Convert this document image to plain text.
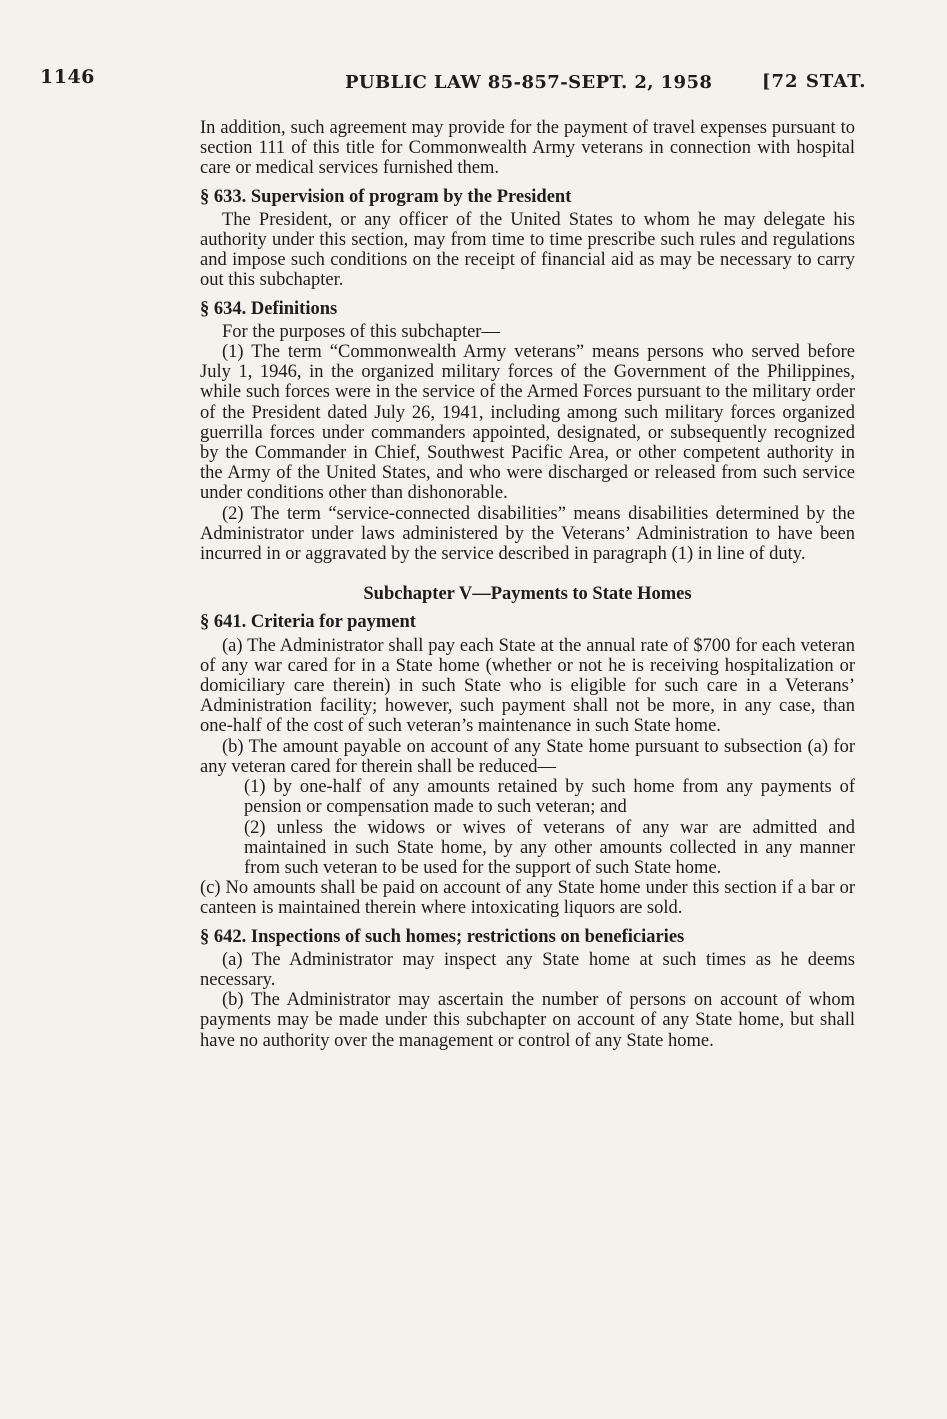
1146	PUBLIC LAW 85-857-SEPT. 2, 1958	[72 STAT.

In addition, such agreement may provide for the payment of travel expenses pursuant to section 111 of this title for Commonwealth Army veterans in connection with hospital care or medical services furnished them.

§ 633. Supervision of program by the President

The President, or any officer of the United States to whom he may delegate his authority under this section, may from time to time prescribe such rules and regulations and impose such conditions on the receipt of financial aid as may be necessary to carry out this subchapter.

§ 634. Definitions

For the purposes of this subchapter—

(1) The term “Commonwealth Army veterans” means persons who served before July 1, 1946, in the organized military forces of the Government of the Philippines, while such forces were in the service of the Armed Forces pursuant to the military order of the President dated July 26, 1941, including among such military forces organized guerrilla forces under commanders appointed, designated, or subsequently recognized by the Commander in Chief, Southwest Pacific Area, or other competent authority in the Army of the United States, and who were discharged or released from such service under conditions other than dishonorable.

(2) The term “service-connected disabilities” means disabilities determined by the Administrator under laws administered by the Veterans’ Administration to have been incurred in or aggravated by the service described in paragraph (1) in line of duty.

Subchapter V—Payments to State Homes
§ 641. Criteria for payment

(a) The Administrator shall pay each State at the annual rate of $700 for each veteran of any war cared for in a State home (whether or not he is receiving hospitalization or domiciliary care therein) in such State who is eligible for such care in a Veterans’ Administration facility; however, such payment shall not be more, in any case, than one-half of the cost of such veteran’s maintenance in such State home.

(b) The amount payable on account of any State home pursuant to subsection (a) for any veteran cared for therein shall be reduced—

(1) by one-half of any amounts retained by such home from any payments of pension or compensation made to such veteran; and

(2) unless the widows or wives of veterans of any war are admitted and maintained in such State home, by any other amounts collected in any manner from such veteran to be used for the support of such State home.

(c) No amounts shall be paid on account of any State home under this section if a bar or canteen is maintained therein where intoxicating liquors are sold.

§ 642. Inspections of such homes; restrictions on beneficiaries

(a) The Administrator may inspect any State home at such times as he deems necessary.

(b) The Administrator may ascertain the number of persons on account of whom payments may be made under this subchapter on account of any State home, but shall have no authority over the management or control of any State home.
